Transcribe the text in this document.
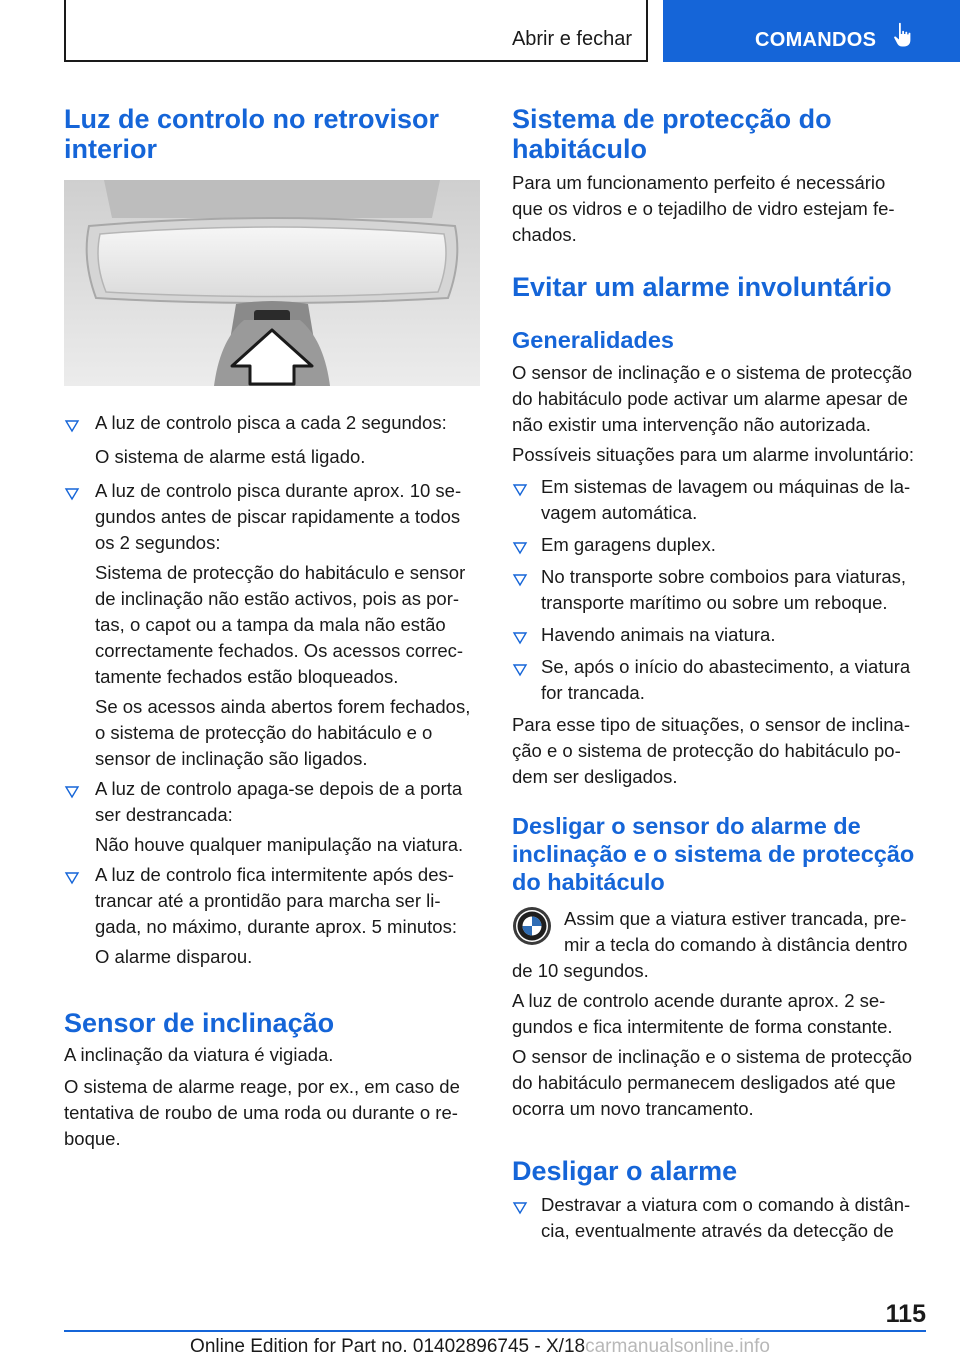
Abrir e fechar	COMANDOS
Luz de controlo no retrovisor
interior
A luz de controlo pisca a cada 2 segundos:
O sistema de alarme está ligado.
A luz de controlo pisca durante aprox. 10 se-
gundos antes de piscar rapidamente a todos
os 2 segundos:
Sistema de protecção do habitáculo e sensor
de inclinação não estão activos, pois as por-
tas, o capot ou a tampa da mala não estão
correctamente fechados. Os acessos correc-
tamente fechados estão bloqueados.
Se os acessos ainda abertos forem fechados,
o sistema de protecção do habitáculo e o
sensor de inclinação são ligados.
A luz de controlo apaga-se depois de a porta
ser destrancada:
Não houve qualquer manipulação na viatura.
A luz de controlo fica intermitente após des-
trancar até a prontidão para marcha ser li-
gada, no máximo, durante aprox. 5 minutos:
O alarme disparou.
Sensor de inclinação

A inclinação da viatura é vigiada.

O sistema de alarme reage, por ex., em caso de
tentativa de roubo de uma roda ou durante o re-
boque.
Sistema de protecção do
habitáculo
Para um funcionamento perfeito é necessário
que os vidros e o tejadilho de vidro estejam fe-
chados.
Evitar um alarme involuntário
Generalidades
O sensor de inclinação e o sistema de protecção
do habitáculo pode activar um alarme apesar de
não existir uma intervenção não autorizada.
Possíveis situações para um alarme involuntário:
Em sistemas de lavagem ou máquinas de la-
vagem automática.
Em garagens duplex.
No transporte sobre comboios para viaturas,
transporte marítimo ou sobre um reboque.
Havendo animais na viatura.
Se, após o início do abastecimento, a viatura
for trancada.
Para esse tipo de situações, o sensor de inclina-
ção e o sistema de protecção do habitáculo po-
dem ser desligados.
Desligar o sensor do alarme de
inclinação e o sistema de protecção
do habitáculo
Assim que a viatura estiver trancada, pre-
mir a tecla do comando à distância dentro
de 10 segundos.
A luz de controlo acende durante aprox. 2 se-
gundos e fica intermitente de forma constante.
O sensor de inclinação e o sistema de protecção
do habitáculo permanecem desligados até que
ocorra um novo trancamento.
Desligar o alarme
Destravar a viatura com o comando à distân-
cia, eventualmente através da detecção de
115
Online Edition for Part no. 01402896745 - X/18carmanualsonline.info
